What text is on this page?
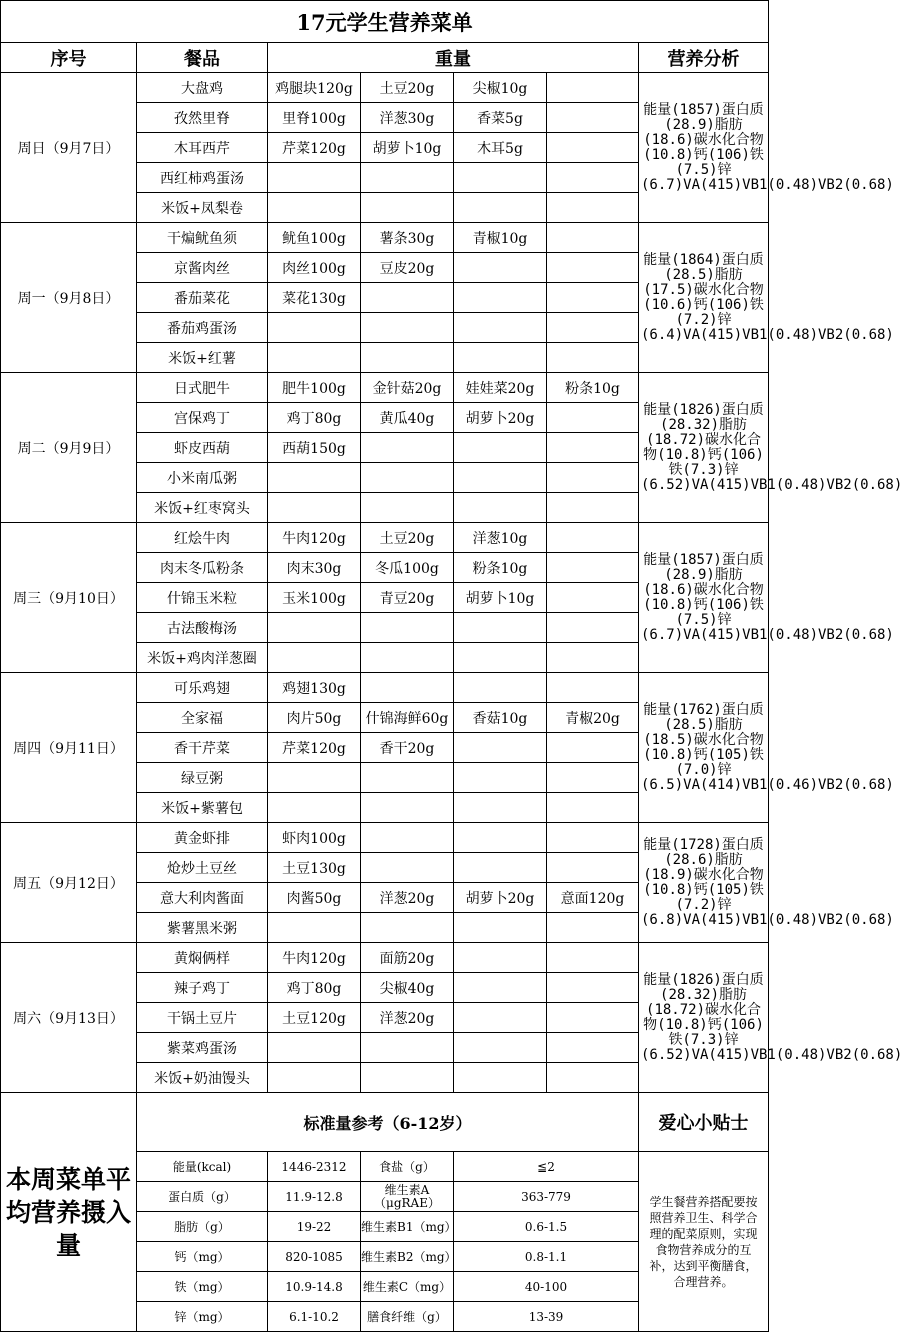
17元学生营养菜单						
序号	餐品	重量				营养分析
周日（9月7日）	大盘鸡	鸡腿块120g	土豆20g	尖椒10g		能量(1857)蛋白质(28.9)脂肪(18.6)碳水化合物(10.8)钙(106)铁(7.5)锌(6.7)VA(415)VB1(0.48)VB2(0.68)
	孜然里脊	里脊100g	洋葱30g	香菜5g		
	木耳西芹	芹菜120g	胡萝卜10g	木耳5g		
	西红柿鸡蛋汤					
	米饭+凤梨卷					
周一（9月8日）	干煸鱿鱼须	鱿鱼100g	薯条30g	青椒10g		能量(1864)蛋白质(28.5)脂肪(17.5)碳水化合物(10.6)钙(106)铁(7.2)锌(6.4)VA(415)VB1(0.48)VB2(0.68)
	京酱肉丝	肉丝100g	豆皮20g			
	番茄菜花	菜花130g				
	番茄鸡蛋汤					
	米饭+红薯					
周二（9月9日）	日式肥牛	肥牛100g	金针菇20g	娃娃菜20g	粉条10g	能量(1826)蛋白质(28.32)脂肪(18.72)碳水化合物(10.8)钙(106)铁(7.3)锌(6.52)VA(415)VB1(0.48)VB2(0.68)
	宫保鸡丁	鸡丁80g	黄瓜40g	胡萝卜20g		
	虾皮西葫	西葫150g				
	小米南瓜粥					
	米饭+红枣窝头					
周三（9月10日）	红烩牛肉	牛肉120g	土豆20g	洋葱10g		能量(1857)蛋白质(28.9)脂肪(18.6)碳水化合物(10.8)钙(106)铁(7.5)锌(6.7)VA(415)VB1(0.48)VB2(0.68)
	肉末冬瓜粉条	肉末30g	冬瓜100g	粉条10g		
	什锦玉米粒	玉米100g	青豆20g	胡萝卜10g		
	古法酸梅汤					
	米饭+鸡肉洋葱圈					
周四（9月11日）	可乐鸡翅	鸡翅130g				能量(1762)蛋白质(28.5)脂肪(18.5)碳水化合物(10.8)钙(105)铁(7.0)锌(6.5)VA(414)VB1(0.46)VB2(0.68)
	全家福	肉片50g	什锦海鲜60g	香菇10g	青椒20g	
	香干芹菜	芹菜120g	香干20g			
	绿豆粥					
	米饭+紫薯包					
周五（9月12日）	黄金虾排	虾肉100g				能量(1728)蛋白质(28.6)脂肪(18.9)碳水化合物(10.8)钙(105)铁(7.2)锌(6.8)VA(415)VB1(0.48)VB2(0.68)
	炝炒土豆丝	土豆130g				
	意大利肉酱面	肉酱50g	洋葱20g	胡萝卜20g	意面120g	
	紫薯黑米粥					
周六（9月13日）	黄焖俩样	牛肉120g	面筋20g			能量(1826)蛋白质(28.32)脂肪(18.72)碳水化合物(10.8)钙(106)铁(7.3)锌(6.52)VA(415)VB1(0.48)VB2(0.68)
	辣子鸡丁	鸡丁80g	尖椒40g			
	干锅土豆片	土豆120g	洋葱20g			
	紫菜鸡蛋汤					
	米饭+奶油馒头					
本周菜单平均营养摄入量	标准量参考（6-12岁）					爱心小贴士
	能量(kcal)	1446-2312	食盐（g）	≦2		学生餐营养搭配要按照营养卫生、科学合理的配菜原则，实现食物营养成分的互补，达到平衡膳食，合理营养。
	蛋白质（g）	11.9-12.8	维生素A（μgRAE）	363-779		
	脂肪（g）	19-22	维生素B1（mg）	0.6-1.5		
	钙（mg）	820-1085	维生素B2（mg）	0.8-1.1		
	铁（mg）	10.9-14.8	维生素C（mg）	40-100		
	锌（mg）	6.1-10.2	膳食纤维（g）	13-39		
